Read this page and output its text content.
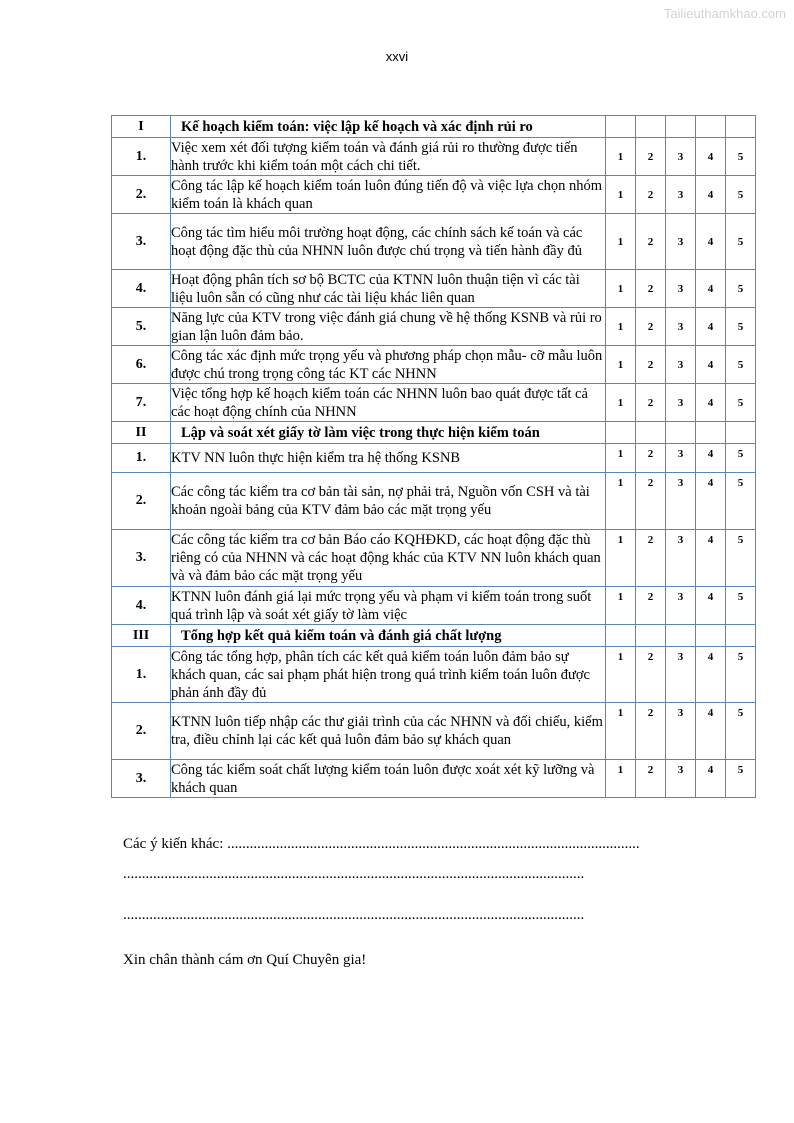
Tailieuthamkhao.com
xxvi
I	Kế hoạch kiểm toán: việc lập kế hoạch và xác định rủi ro					
1.	Việc xem xét đối tượng kiểm toán và đánh giá rủi ro thường được tiến hành trước khi kiểm toán một cách chi tiết.	1	2	3	4	5
2.	Công tác lập kế hoạch kiểm toán luôn đúng tiến độ và việc lựa chọn nhóm kiểm toán là khách quan	1	2	3	4	5
3.	Công tác tìm hiểu môi trường hoạt động, các chính sách kế toán và các hoạt động đặc thù của NHNN luôn được chú trọng và tiến hành đầy đủ	1	2	3	4	5
4.	Hoạt động phân tích sơ bộ BCTC của KTNN luôn thuận tiện vì các tài liệu luôn sẵn có cũng như các tài liệu khác liên quan	1	2	3	4	5
5.	Năng lực của KTV trong việc đánh giá chung về hệ thống KSNB và rủi ro gian lận luôn đảm bảo.	1	2	3	4	5
6.	Công tác xác định mức trọng yếu và phương pháp chọn mẫu- cỡ mẫu luôn được chú trong trọng công tác KT các NHNN	1	2	3	4	5
7.	Việc tổng hợp kế hoạch kiểm toán các NHNN luôn bao quát được tất cả các hoạt động chính của NHNN	1	2	3	4	5
II	Lập và soát xét giấy tờ làm việc trong thực hiện kiểm toán					
1.	KTV NN luôn thực hiện kiểm tra hệ thống KSNB	1	2	3	4	5
2.	Các công tác kiểm tra cơ bản tài sản, nợ phải trả, Nguồn vốn CSH và tài khoản ngoài bảng của KTV đảm bảo các mặt trọng yếu	1	2	3	4	5
3.	Các công tác kiểm tra cơ bản Báo cáo KQHĐKD, các hoạt động đặc thù riêng có của NHNN và các hoạt động khác của KTV NN luôn khách quan và và đảm bảo các mặt trọng yếu	1	2	3	4	5
4.	KTNN luôn đánh giá lại mức trọng yếu và phạm vi kiểm toán trong suốt quá trình lập và soát xét giấy tờ làm việc	1	2	3	4	5
III	Tổng hợp kết quả kiểm toán và đánh giá chất lượng					
1.	Công tác tổng hợp, phân tích các kết quả kiểm toán luôn đảm bảo sự khách quan, các sai phạm phát hiện trong quá trình kiểm toán luôn được phản ánh đầy đủ	1	2	3	4	5
2.	KTNN luôn tiếp nhập các thư giải trình của các NHNN và đối chiếu, kiểm tra, điều chỉnh lại các kết quả luôn đảm bảo sự khách quan	1	2	3	4	5
3.	Công tác kiểm soát chất lượng kiểm toán luôn được xoát xét kỹ lưỡng và khách quan	1	2	3	4	5
Các ý kiến khác: ..............................................................................................................
...........................................................................................................................
...........................................................................................................................
Xin chân thành cám ơn Quí Chuyên gia!
